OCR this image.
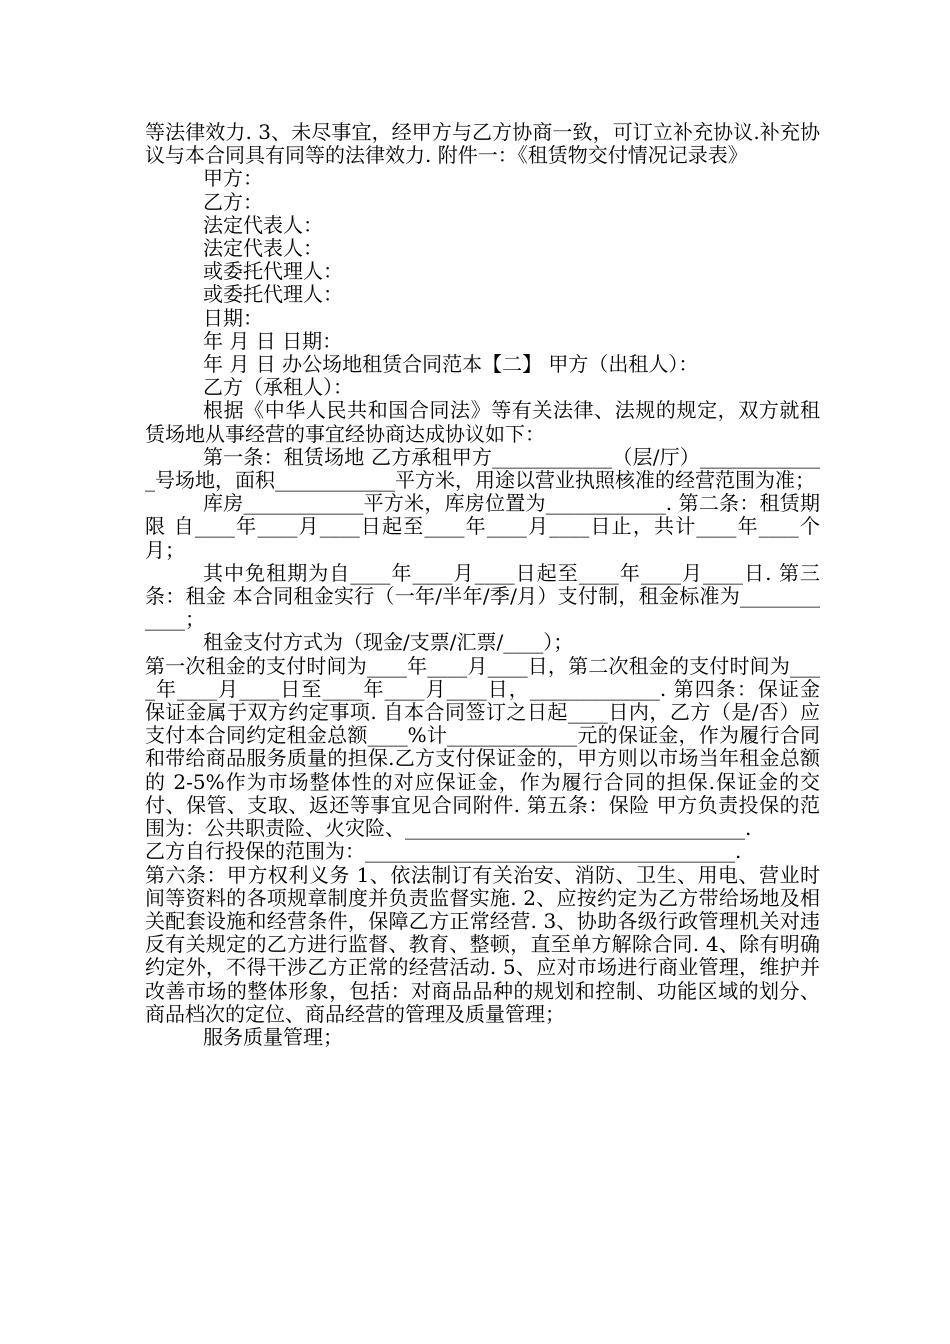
等法律效力. 3、未尽事宜，经甲方与乙方协商一致，可订立补充协议.补充协议与本合同具有同等的法律效力. 附件一：《租赁物交付情况记录表》

甲方：

乙方：

法定代表人：

法定代表人：

或委托代理人：

或委托代理人：

日期：

年 月 日 日期：

年 月 日 办公场地租赁合同范本【二】 甲方（出租人）：

乙方（承租人）：

根据《中华人民共和国合同法》等有关法律、法规的规定，双方就租赁场地从事经营的事宜经协商达成协议如下：

第一条：租赁场地 乙方承租甲方____________（层/厅）_____________号场地，面积____________平方米，用途以营业执照核准的经营范围为准；

库房____________平方米，库房位置为____________. 第二条：租赁期限 自____年____月____日起至____年____月____日止，共计____年____个月；

其中免租期为自____年____月____日起至____年____月____日. 第三条：租金 本合同租金实行（一年/半年/季/月）支付制，租金标准为____________；

租金支付方式为（现金/支票/汇票/____）；

第一次租金的支付时间为____年____月____日，第二次租金的支付时间为____年____月____日至____年____月____日，_____________. 第四条：保证金 保证金属于双方约定事项. 自本合同签订之日起____日内，乙方（是/否）应支付本合同约定租金总额____%计_____________元的保证金，作为履行合同和带给商品服务质量的担保.乙方支付保证金的，甲方则以市场当年租金总额的 2-5%作为市场整体性的对应保证金，作为履行合同的担保.保证金的交付、保管、支取、返还等事宜见合同附件. 第五条：保险 甲方负责投保的范围为：公共职责险、火灾险、__________________________________.

乙方自行投保的范围为：_____________________________________.

第六条：甲方权利义务 1、依法制订有关治安、消防、卫生、用电、营业时间等资料的各项规章制度并负责监督实施. 2、应按约定为乙方带给场地及相关配套设施和经营条件，保障乙方正常经营. 3、协助各级行政管理机关对违反有关规定的乙方进行监督、教育、整顿，直至单方解除合同. 4、除有明确约定外，不得干涉乙方正常的经营活动. 5、应对市场进行商业管理，维护并改善市场的整体形象，包括：对商品品种的规划和控制、功能区域的划分、商品档次的定位、商品经营的管理及质量管理；

服务质量管理；
